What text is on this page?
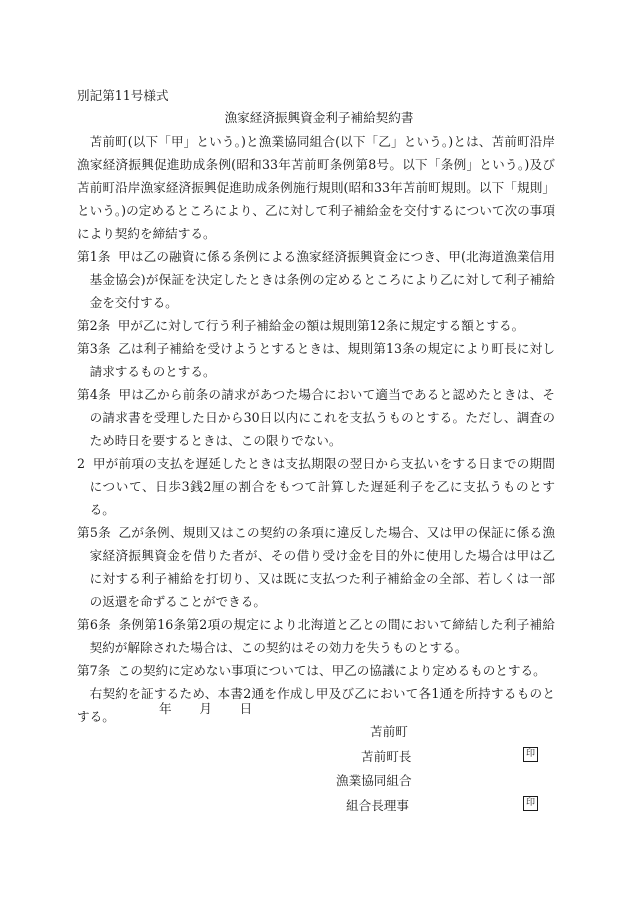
別記第11号様式
漁家経済振興資金利子補給契約書

苫前町(以下「甲」という。)と漁業協同組合(以下「乙」という。)とは、苫前町沿岸漁家経済振興促進助成条例(昭和33年苫前町条例第8号。以下「条例」という。)及び苫前町沿岸漁家経済振興促進助成条例施行規則(昭和33年苫前町規則。以下「規則」という。)の定めるところにより、乙に対して利子補給金を交付するについて次の事項により契約を締結する。

第1条 甲は乙の融資に係る条例による漁家経済振興資金につき、甲(北海道漁業信用基金協会)が保証を決定したときは条例の定めるところにより乙に対して利子補給金を交付する。

第2条 甲が乙に対して行う利子補給金の額は規則第12条に規定する額とする。

第3条 乙は利子補給を受けようとするときは、規則第13条の規定により町長に対し請求するものとする。

第4条 甲は乙から前条の請求があつた場合において適当であると認めたときは、その請求書を受理した日から30日以内にこれを支払うものとする。ただし、調査のため時日を要するときは、この限りでない。

2 甲が前項の支払を遅延したときは支払期限の翌日から支払いをする日までの期間について、日歩3銭2厘の割合をもつて計算した遅延利子を乙に支払うものとする。

第5条 乙が条例、規則又はこの契約の条項に違反した場合、又は甲の保証に係る漁家経済振興資金を借りた者が、その借り受け金を目的外に使用した場合は甲は乙に対する利子補給を打切り、又は既に支払つた利子補給金の全部、若しくは一部の返還を命ずることができる。

第6条 条例第16条第2項の規定により北海道と乙との間において締結した利子補給契約が解除された場合は、この契約はその効力を失うものとする。

第7条 この契約に定めない事項については、甲乙の協議により定めるものとする。

右契約を証するため、本書2通を作成し甲及び乙において各1通を所持するものとする。

年 月 日
苫前町
苫前町長	印
漁業協同組合
組合長理事	印
